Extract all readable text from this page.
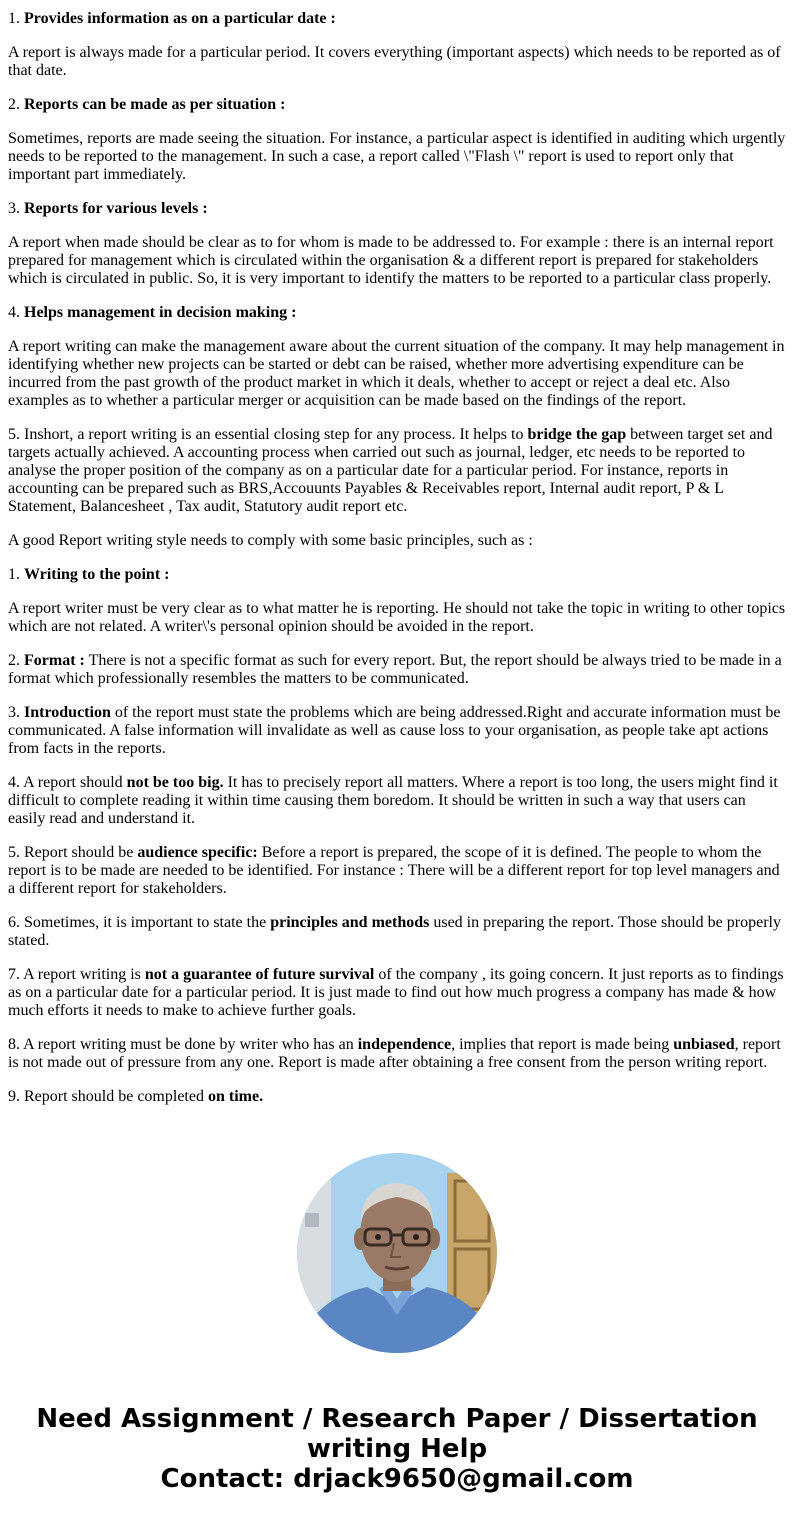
1. Provides information as on a particular date :

A report is always made for a particular period. It covers everything (important aspects) which needs to be reported as of that date.

2. Reports can be made as per situation :

Sometimes, reports are made seeing the situation. For instance, a particular aspect is identified in auditing which urgently needs to be reported to the management. In such a case, a report called \"Flash \" report is used to report only that important part immediately.

3. Reports for various levels :

A report when made should be clear as to for whom is made to be addressed to. For example : there is an internal report prepared for management which is circulated within the organisation & a different report is prepared for stakeholders which is circulated in public. So, it is very important to identify the matters to be reported to a particular class properly.

4. Helps management in decision making :

A report writing can make the management aware about the current situation of the company. It may help management in identifying whether new projects can be started or debt can be raised, whether more advertising expenditure can be incurred from the past growth of the product market in which it deals, whether to accept or reject a deal etc. Also examples as to whether a particular merger or acquisition can be made based on the findings of the report.

5. Inshort, a report writing is an essential closing step for any process. It helps to bridge the gap between target set and targets actually achieved. A accounting process when carried out such as journal, ledger, etc needs to be reported to analyse the proper position of the company as on a particular date for a particular period. For instance, reports in accounting can be prepared such as BRS,Accouunts Payables & Receivables report, Internal audit report, P & L Statement, Balancesheet , Tax audit, Statutory audit report etc.

A good Report writing style needs to comply with some basic principles, such as :

1. Writing to the point :

A report writer must be very clear as to what matter he is reporting. He should not take the topic in writing to other topics which are not related. A writer\'s personal opinion should be avoided in the report.

2. Format : There is not a specific format as such for every report. But, the report should be always tried to be made in a format which professionally resembles the matters to be communicated.

3. Introduction of the report must state the problems which are being addressed.Right and accurate information must be communicated. A false information will invalidate as well as cause loss to your organisation, as people take apt actions from facts in the reports.

4. A report should not be too big. It has to precisely report all matters. Where a report is too long, the users might find it difficult to complete reading it within time causing them boredom. It should be written in such a way that users can easily read and understand it.

5. Report should be audience specific: Before a report is prepared, the scope of it is defined. The people to whom the report is to be made are needed to be identified. For instance : There will be a different report for top level managers and a different report for stakeholders.

6. Sometimes, it is important to state the principles and methods used in preparing the report. Those should be properly stated.

7. A report writing is not a guarantee of future survival of the company , its going concern. It just reports as to findings as on a particular date for a particular period. It is just made to find out how much progress a company has made & how much efforts it needs to make to achieve further goals.

8. A report writing must be done by writer who has an independence, implies that report is made being unbiased, report is not made out of pressure from any one. Report is made after obtaining a free consent from the person writing report.

9. Report should be completed on time.

Need Assignment / Research Paper / Dissertation writing Help
Contact: drjack9650@gmail.com
